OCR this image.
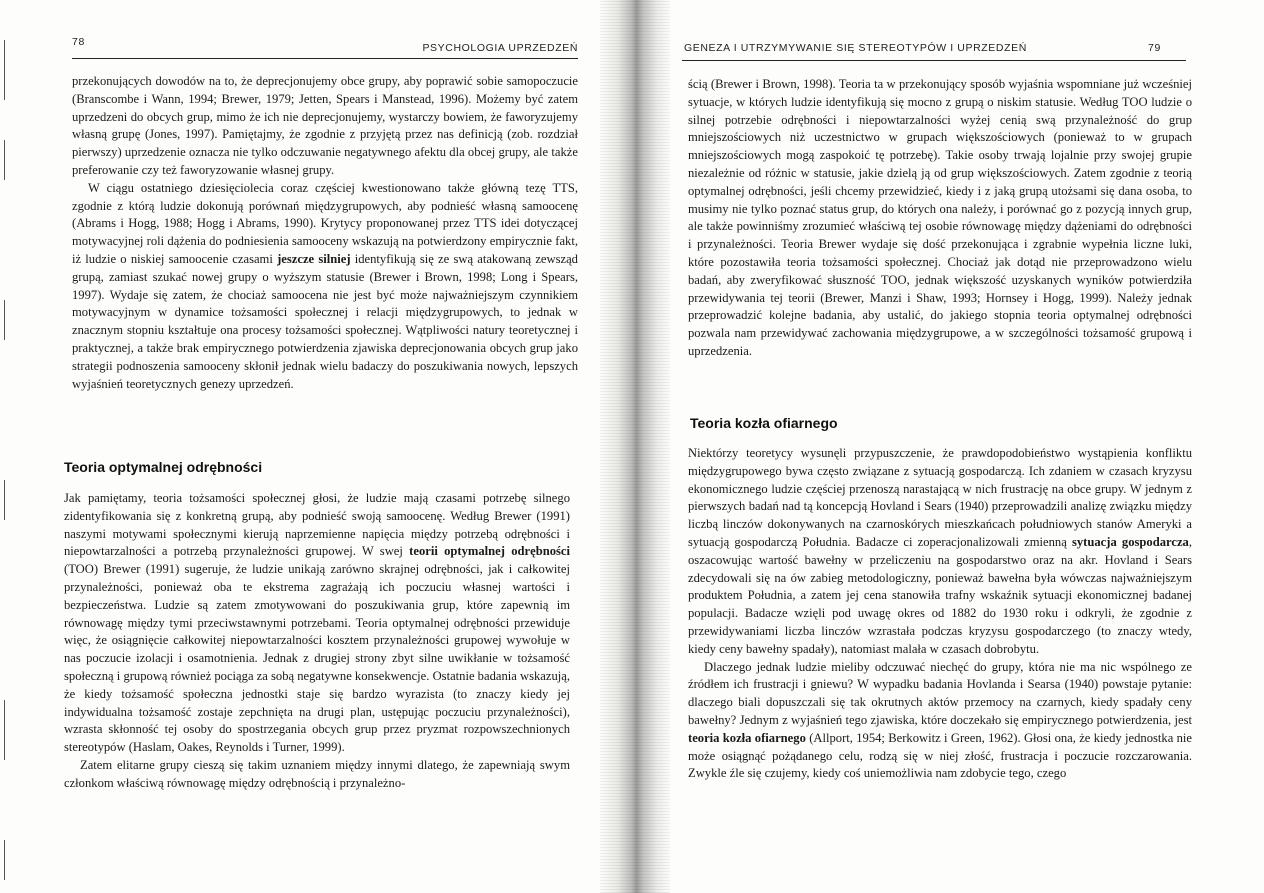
78	PSYCHOLOGIA UPRZEDZEŃ

przekonujących dowodów na to, że deprecjonujemy obce grupy, aby poprawić sobie samopoczucie (Branscombe i Wann, 1994; Brewer, 1979; Jetten, Spears i Manstead, 1996). Możemy być zatem uprzedzeni do obcych grup, mimo że ich nie deprecjonujemy, wystarczy bowiem, że faworyzujemy własną grupę (Jones, 1997). Pamiętajmy, że zgodnie z przyjętą przez nas definicją (zob. rozdział pierwszy) uprzedzenie oznacza nie tylko odczuwanie negatywnego afektu dla obcej grupy, ale także preferowanie czy też faworyzowanie własnej grupy.

W ciągu ostatniego dziesięciolecia coraz częściej kwestionowano także główną tezę TTS, zgodnie z którą ludzie dokonują porównań międzygrupowych, aby podnieść własną samoocenę (Abrams i Hogg, 1988; Hogg i Abrams, 1990). Krytycy proponowanej przez TTS idei dotyczącej motywacyjnej roli dążenia do podniesienia samooceny wskazują na potwierdzony empirycznie fakt, iż ludzie o niskiej samoocenie czasami jeszcze silniej identyfikują się ze swą atakowaną zewsząd grupą, zamiast szukać nowej grupy o wyższym statusie (Brewer i Brown, 1998; Long i Spears, 1997). Wydaje się zatem, że chociaż samoocena nie jest być może najważniejszym czynnikiem motywacyjnym w dynamice tożsamości społecznej i relacji międzygrupowych, to jednak w znacznym stopniu kształtuje ona procesy tożsamości społecznej. Wątpliwości natury teoretycznej i praktycznej, a także brak empirycznego potwierdzenia zjawiska deprecjonowania obcych grup jako strategii podnoszenia samooceny skłonił jednak wielu badaczy do poszukiwania nowych, lepszych wyjaśnień teoretycznych genezy uprzedzeń.

Teoria optymalnej odrębności

Jak pamiętamy, teoria tożsamości społecznej głosi, że ludzie mają czasami potrzebę silnego zidentyfikowania się z konkretną grupą, aby podnieść swoją samoocenę. Według Brewer (1991) naszymi motywami społecznymi kierują naprzemienne napięcia między potrzebą odrębności i niepowtarzalności a potrzebą przynależności grupowej. W swej teorii optymalnej odrębności (TOO) Brewer (1991) sugeruje, że ludzie unikają zarówno skrajnej odrębności, jak i całkowitej przynależności, ponieważ oba te ekstrema zagrażają ich poczuciu własnej wartości i bezpieczeństwa. Ludzie są zatem zmotywowani do poszukiwania grup, które zapewnią im równowagę między tymi przeciwstawnymi potrzebami. Teoria optymalnej odrębności przewiduje więc, że osiągnięcie całkowitej niepowtarzalności kosztem przynależności grupowej wywołuje w nas poczucie izolacji i osamotnienia. Jednak z drugiej strony zbyt silne uwikłanie w tożsamość społeczną i grupową również pociąga za sobą negatywne konsekwencje. Ostatnie badania wskazują, że kiedy tożsamość społeczna jednostki staje się bardzo wyrazista (to znaczy kiedy jej indywidualna tożsamość zostaje zepchnięta na drugi plan, ustępując poczuciu przynależności), wzrasta skłonność tej osoby do spostrzegania obcych grup przez pryzmat rozpowszechnionych stereotypów (Haslam, Oakes, Reynolds i Turner, 1999).

Zatem elitarne grupy cieszą się takim uznaniem między innymi dlatego, że zapewniają swym członkom właściwą równowagę między odrębnością i przynależno-

GENEZA I UTRZYMYWANIE SIĘ STEREOTYPÓW I UPRZEDZEŃ	79

ścią (Brewer i Brown, 1998). Teoria ta w przekonujący sposób wyjaśnia wspomniane już wcześniej sytuacje, w których ludzie identyfikują się mocno z grupą o niskim statusie. Według TOO ludzie o silnej potrzebie odrębności i niepowtarzalności wyżej cenią swą przynależność do grup mniejszościowych niż uczestnictwo w grupach większościowych (ponieważ to w grupach mniejszościowych mogą zaspokoić tę potrzebę). Takie osoby trwają lojalnie przy swojej grupie niezależnie od różnic w statusie, jakie dzielą ją od grup większościowych. Zatem zgodnie z teorią optymalnej odrębności, jeśli chcemy przewidzieć, kiedy i z jaką grupą utożsami się dana osoba, to musimy nie tylko poznać status grup, do których ona należy, i porównać go z pozycją innych grup, ale także powinniśmy zrozumieć właściwą tej osobie równowagę między dążeniami do odrębności i przynależności. Teoria Brewer wydaje się dość przekonująca i zgrabnie wypełnia liczne luki, które pozostawiła teoria tożsamości społecznej. Chociaż jak dotąd nie przeprowadzono wielu badań, aby zweryfikować słuszność TOO, jednak większość uzyskanych wyników potwierdziła przewidywania tej teorii (Brewer, Manzi i Shaw, 1993; Hornsey i Hogg, 1999). Należy jednak przeprowadzić kolejne badania, aby ustalić, do jakiego stopnia teoria optymalnej odrębności pozwala nam przewidywać zachowania międzygrupowe, a w szczególności tożsamość grupową i uprzedzenia.

Teoria kozła ofiarnego

Niektórzy teoretycy wysunęli przypuszczenie, że prawdopodobieństwo wystąpienia konfliktu międzygrupowego bywa często związane z sytuacją gospodarczą. Ich zdaniem w czasach kryzysu ekonomicznego ludzie częściej przenoszą narastającą w nich frustrację na obce grupy. W jednym z pierwszych badań nad tą koncepcją Hovland i Sears (1940) przeprowadzili analizę związku między liczbą linczów dokonywanych na czarnoskórych mieszkańcach południowych stanów Ameryki a sytuacją gospodarczą Południa. Badacze ci zoperacjonalizowali zmienną sytuacja gospodarcza, oszacowując wartość bawełny w przeliczeniu na gospodarstwo oraz na akr. Hovland i Sears zdecydowali się na ów zabieg metodologiczny, ponieważ bawełna była wówczas najważniejszym produktem Południa, a zatem jej cena stanowiła trafny wskaźnik sytuacji ekonomicznej badanej populacji. Badacze wzięli pod uwagę okres od 1882 do 1930 roku i odkryli, że zgodnie z przewidywaniami liczba linczów wzrastała podczas kryzysu gospodarczego (to znaczy wtedy, kiedy ceny bawełny spadały), natomiast malała w czasach dobrobytu.

Dlaczego jednak ludzie mieliby odczuwać niechęć do grupy, która nie ma nic wspólnego ze źródłem ich frustracji i gniewu? W wypadku badania Hovlanda i Searsa (1940) powstaje pytanie: dlaczego biali dopuszczali się tak okrutnych aktów przemocy na czarnych, kiedy spadały ceny bawełny? Jednym z wyjaśnień tego zjawiska, które doczekało się empirycznego potwierdzenia, jest teoria kozła ofiarnego (Allport, 1954; Berkowitz i Green, 1962). Głosi ona, że kiedy jednostka nie może osiągnąć pożądanego celu, rodzą się w niej złość, frustracja i poczucie rozczarowania. Zwykle źle się czujemy, kiedy coś uniemożliwia nam zdobycie tego, czego
